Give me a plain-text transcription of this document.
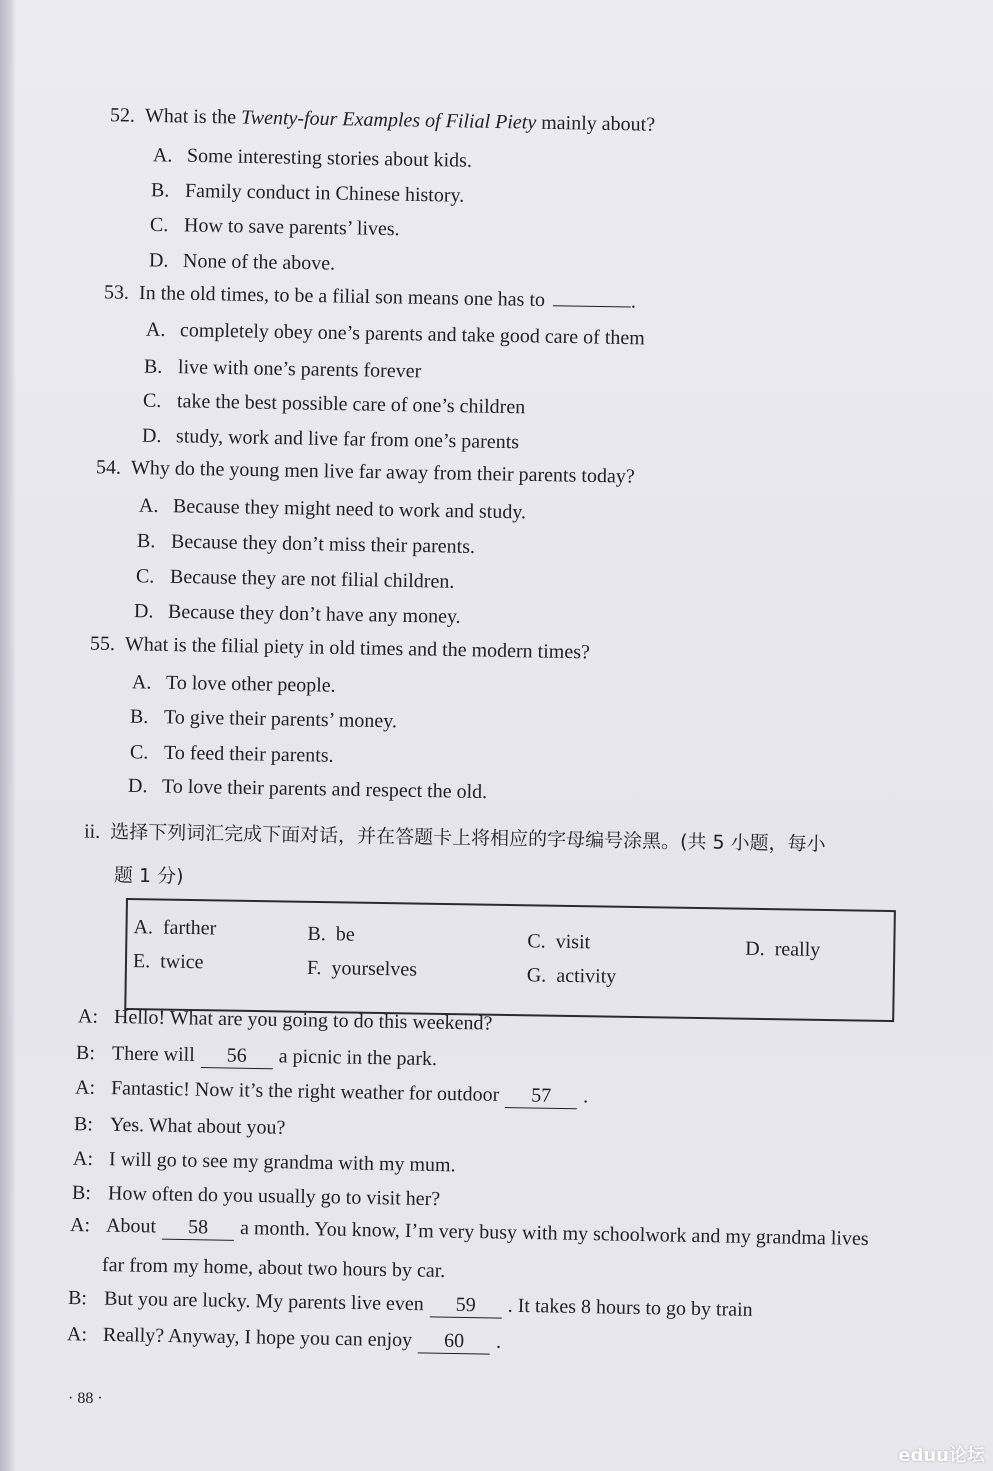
52. What is the Twenty-four Examples of Filial Piety mainly about?
A. Some interesting stories about kids.
B. Family conduct in Chinese history.
C. How to save parents’ lives.
D. None of the above.
53. In the old times, to be a filial son means one has to	.
A. completely obey one’s parents and take good care of them
B. live with one’s parents forever
C. take the best possible care of one’s children
D. study, work and live far from one’s parents
54. Why do the young men live far away from their parents today?
A. Because they might need to work and study.
B. Because they don’t miss their parents.
C. Because they are not filial children.
D. Because they don’t have any money.
55. What is the filial piety in old times and the modern times?
A. To love other people.
B. To give their parents’ money.
C. To feed their parents.
D. To love their parents and respect the old.
ii. 选择下列词汇完成下面对话，并在答题卡上将相应的字母编号涂黑。(共 5 小题，每小
题 1 分)
A. farther	B. be	C. visit	D. really
E. twice	F. yourselves	G. activity
A: Hello! What are you going to do this weekend?
B: There will 56 a picnic in the park.
A: Fantastic! Now it’s the right weather for outdoor 57 .
B: Yes. What about you?
A: I will go to see my grandma with my mum.
B: How often do you usually go to visit her?
A: About 58 a month. You know, I’m very busy with my schoolwork and my grandma lives
far from my home, about two hours by car.
B: But you are lucky. My parents live even 59 . It takes 8 hours to go by train
A: Really? Anyway, I hope you can enjoy 60 .
· 88 ·
eduu论坛
